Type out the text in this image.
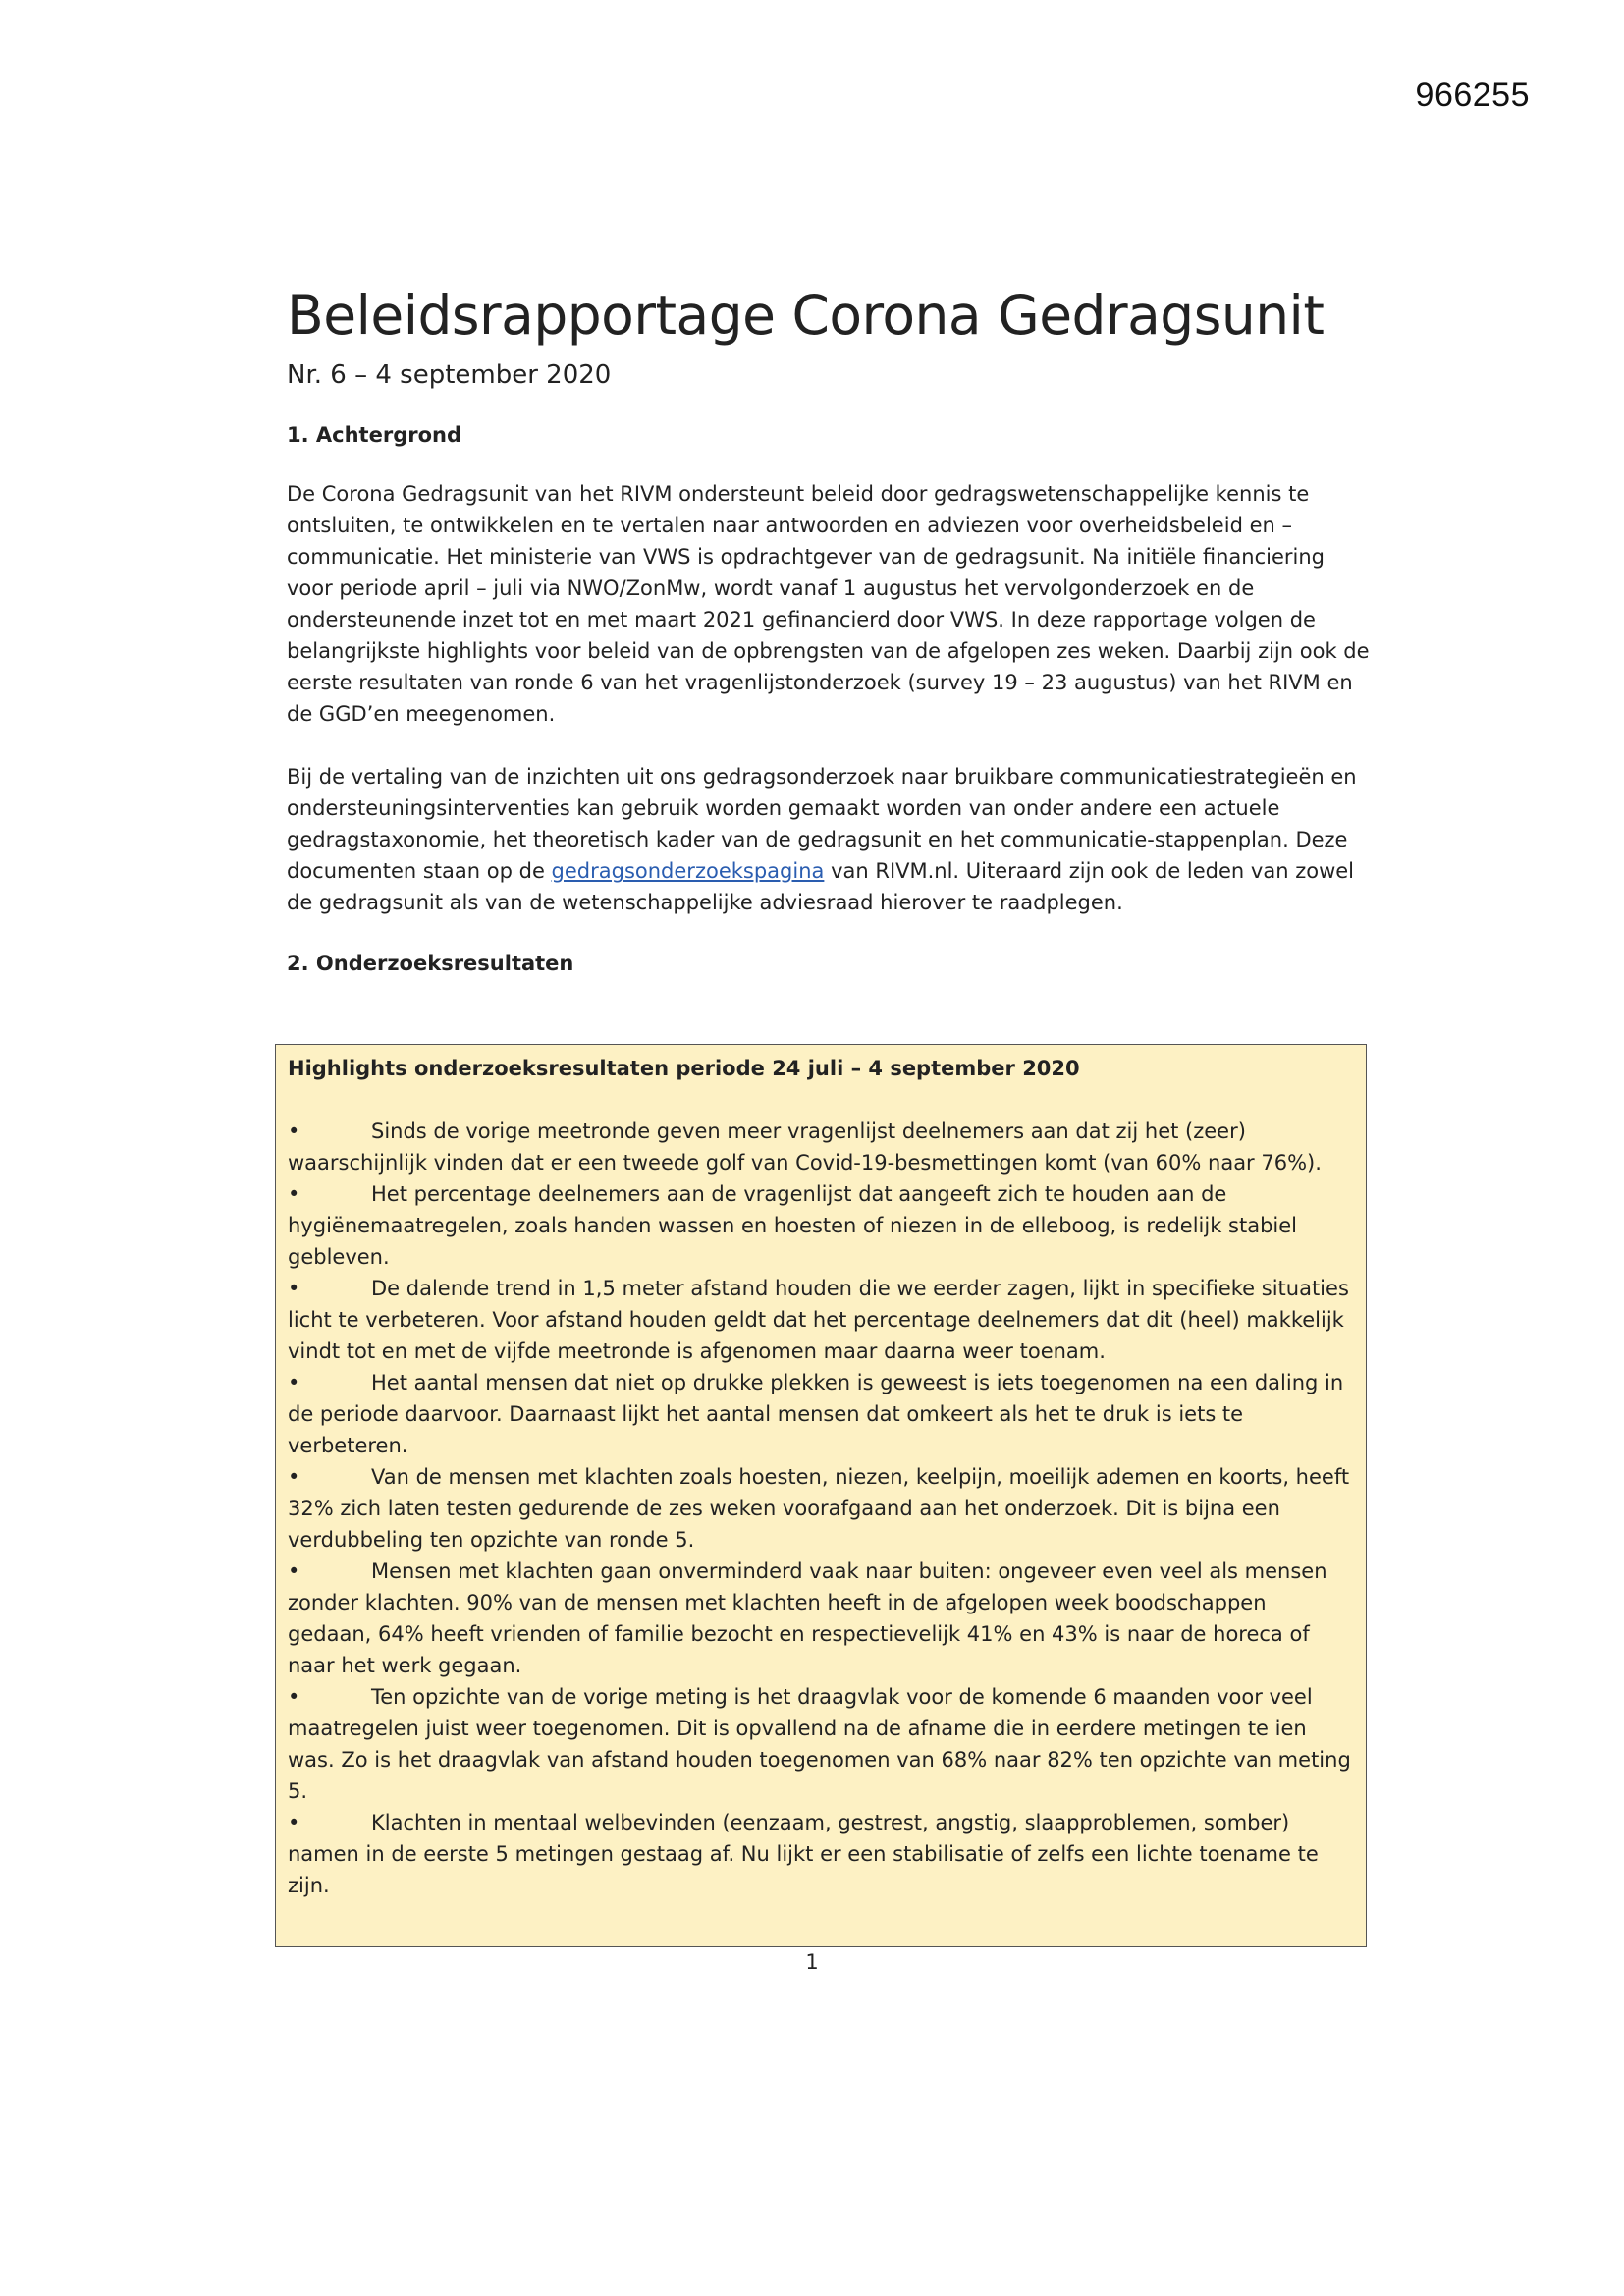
966255
Beleidsrapportage Corona Gedragsunit

Nr. 6 – 4 september 2020

1. Achtergrond

De Corona Gedragsunit van het RIVM ondersteunt beleid door gedragswetenschappelijke kennis te ontsluiten, te ontwikkelen en te vertalen naar antwoorden en adviezen voor overheidsbeleid en –communicatie. Het ministerie van VWS is opdrachtgever van de gedragsunit. Na initiële financiering voor periode april – juli via NWO/ZonMw, wordt vanaf 1 augustus het vervolgonderzoek en de ondersteunende inzet tot en met maart 2021 gefinancierd door VWS. In deze rapportage volgen de belangrijkste highlights voor beleid van de opbrengsten van de afgelopen zes weken. Daarbij zijn ook de eerste resultaten van ronde 6 van het vragenlijstonderzoek (survey 19 – 23 augustus) van het RIVM en de GGD’en meegenomen.

Bij de vertaling van de inzichten uit ons gedragsonderzoek naar bruikbare communicatiestrategieën en ondersteuningsinterventies kan gebruik worden gemaakt worden van onder andere een actuele gedragstaxonomie, het theoretisch kader van de gedragsunit en het communicatie-stappenplan. Deze documenten staan op de gedragsonderzoekspagina van RIVM.nl. Uiteraard zijn ook de leden van zowel de gedragsunit als van de wetenschappelijke adviesraad hierover te raadplegen.

2. Onderzoeksresultaten

Highlights onderzoeksresultaten periode 24 juli – 4 september 2020

•	Sinds de vorige meetronde geven meer vragenlijst deelnemers aan dat zij het (zeer) waarschijnlijk vinden dat er een tweede golf van Covid-19-besmettingen komt (van 60% naar 76%).
•	Het percentage deelnemers aan de vragenlijst dat aangeeft zich te houden aan de hygiënemaatregelen, zoals handen wassen en hoesten of niezen in de elleboog, is redelijk stabiel gebleven.
•	De dalende trend in 1,5 meter afstand houden die we eerder zagen, lijkt in specifieke situaties licht te verbeteren. Voor afstand houden geldt dat het percentage deelnemers dat dit (heel) makkelijk vindt tot en met de vijfde meetronde is afgenomen maar daarna weer toenam.
•	Het aantal mensen dat niet op drukke plekken is geweest is iets toegenomen na een daling in de periode daarvoor. Daarnaast lijkt het aantal mensen dat omkeert als het te druk is iets te verbeteren.
•	Van de mensen met klachten zoals hoesten, niezen, keelpijn, moeilijk ademen en koorts, heeft 32% zich laten testen gedurende de zes weken voorafgaand aan het onderzoek. Dit is bijna een verdubbeling ten opzichte van ronde 5.
•	Mensen met klachten gaan onverminderd vaak naar buiten: ongeveer even veel als mensen zonder klachten. 90% van de mensen met klachten heeft in de afgelopen week boodschappen gedaan, 64% heeft vrienden of familie bezocht en respectievelijk 41% en 43% is naar de horeca of naar het werk gegaan.
•	Ten opzichte van de vorige meting is het draagvlak voor de komende 6 maanden voor veel maatregelen juist weer toegenomen. Dit is opvallend na de afname die in eerdere metingen te ien was. Zo is het draagvlak van afstand houden toegenomen van 68% naar 82% ten opzichte van meting 5.
•	Klachten in mentaal welbevinden (eenzaam, gestrest, angstig, slaapproblemen, somber) namen in de eerste 5 metingen gestaag af. Nu lijkt er een stabilisatie of zelfs een lichte toename te zijn.
1
